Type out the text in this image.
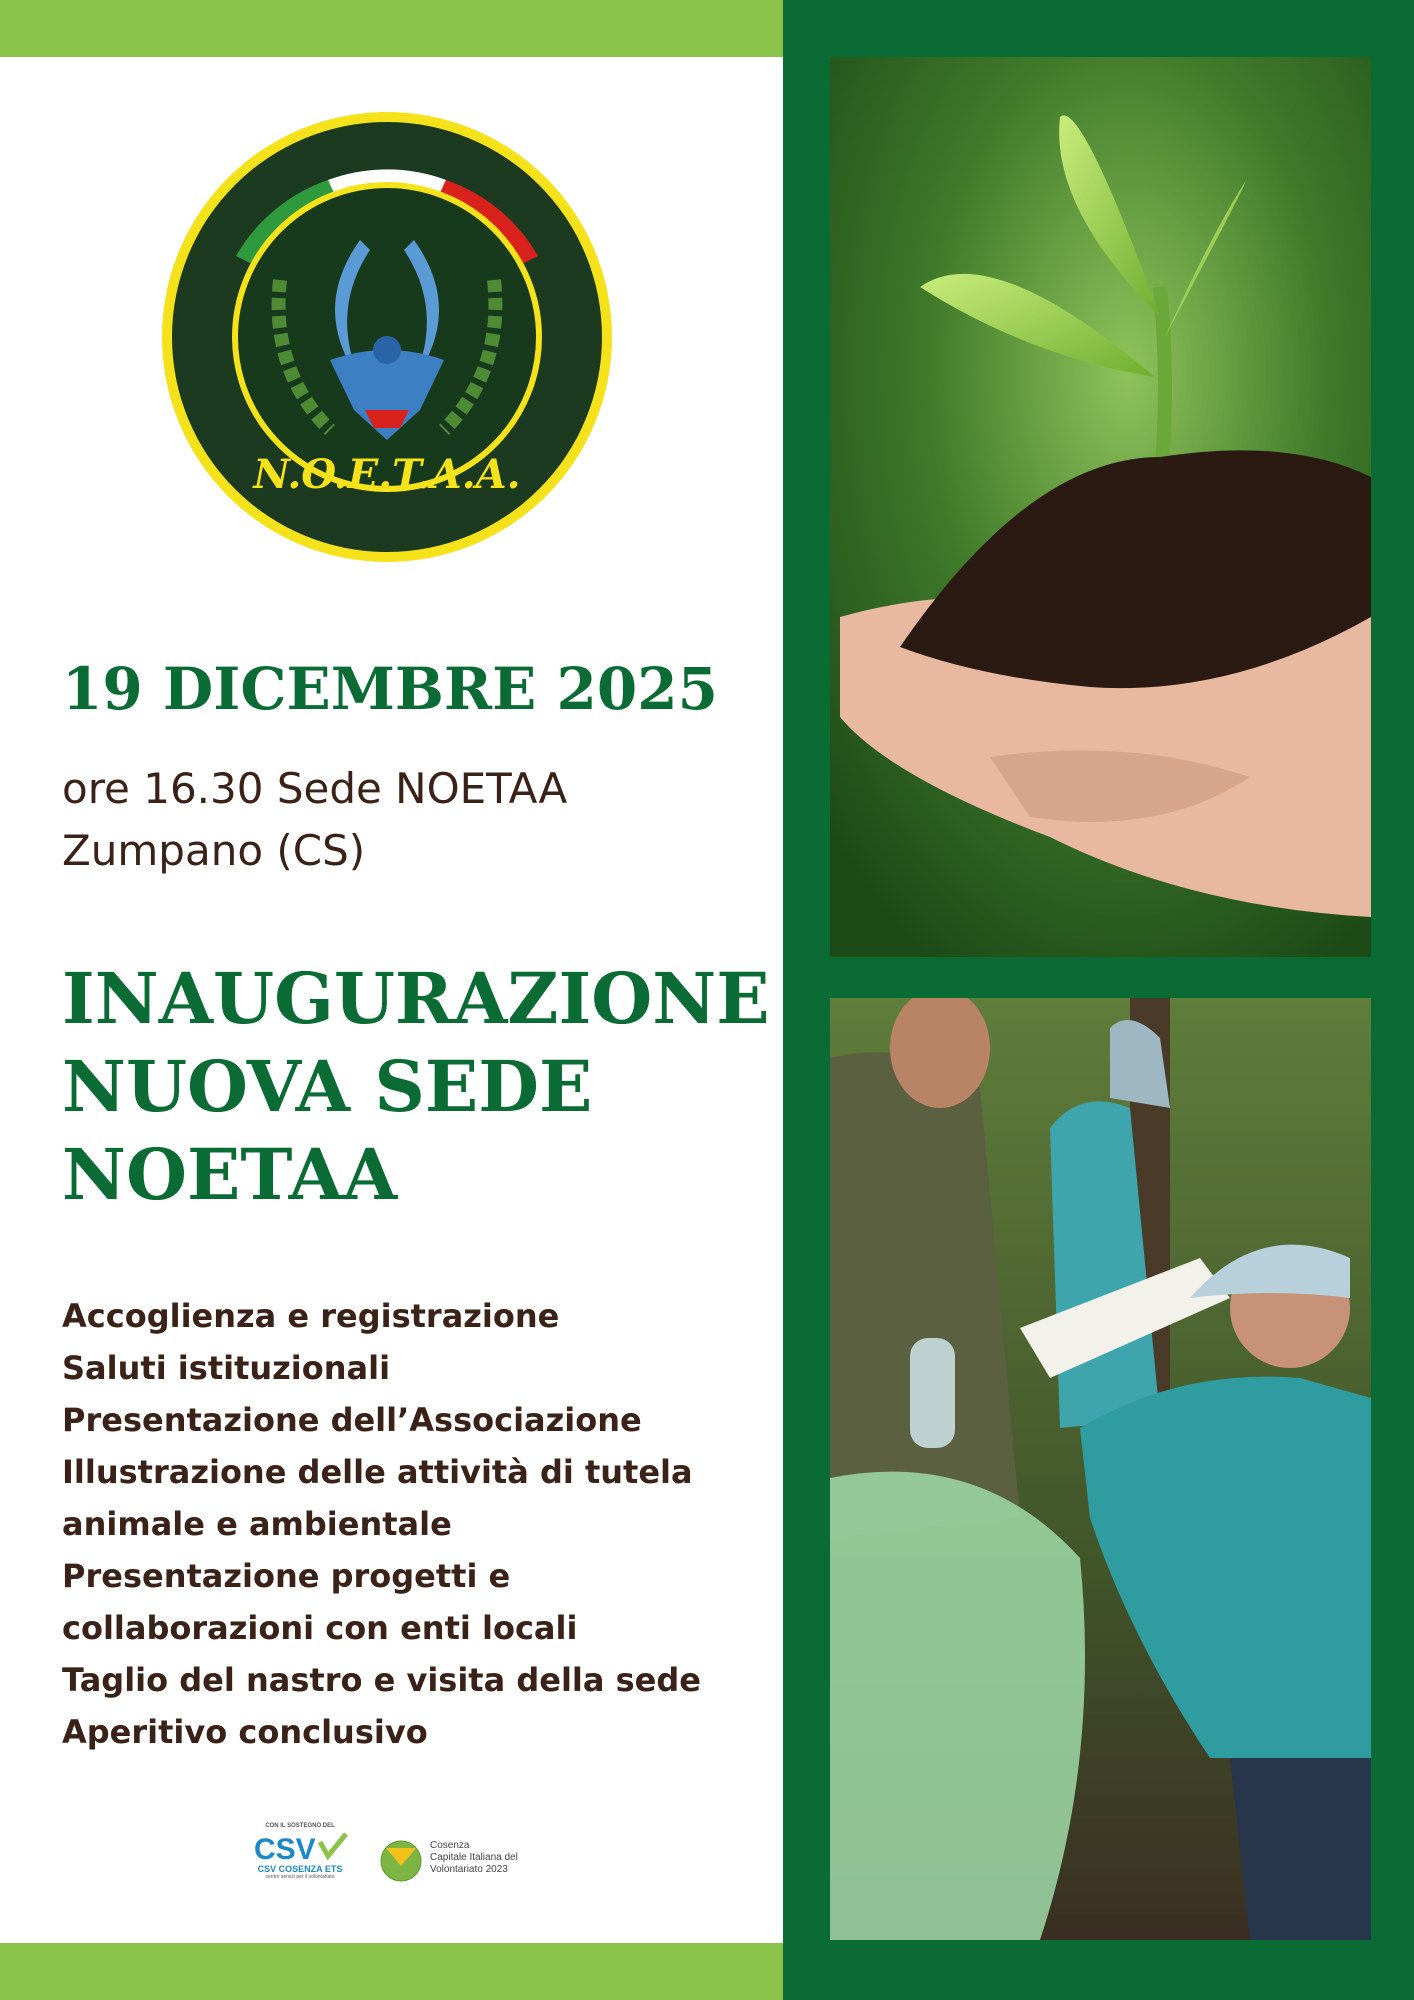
N.O.E.T.A.A.
19 DICEMBRE 2025
ore 16.30 Sede NOETAA
Zumpano (CS)
INAUGURAZIONE
NUOVA SEDE
NOETAA
Accoglienza e registrazione
Saluti istituzionali
Presentazione dell’Associazione
Illustrazione delle attività di tutela
animale e ambientale
Presentazione progetti e
collaborazioni con enti locali
Taglio del nastro e visita della sede
Aperitivo conclusivo
CON IL SOSTEGNO DEL
CSV
CSV COSENZA ETS
centro servizi per il volontariato
Cosenza
Capitale Italiana del
Volontariato 2023
